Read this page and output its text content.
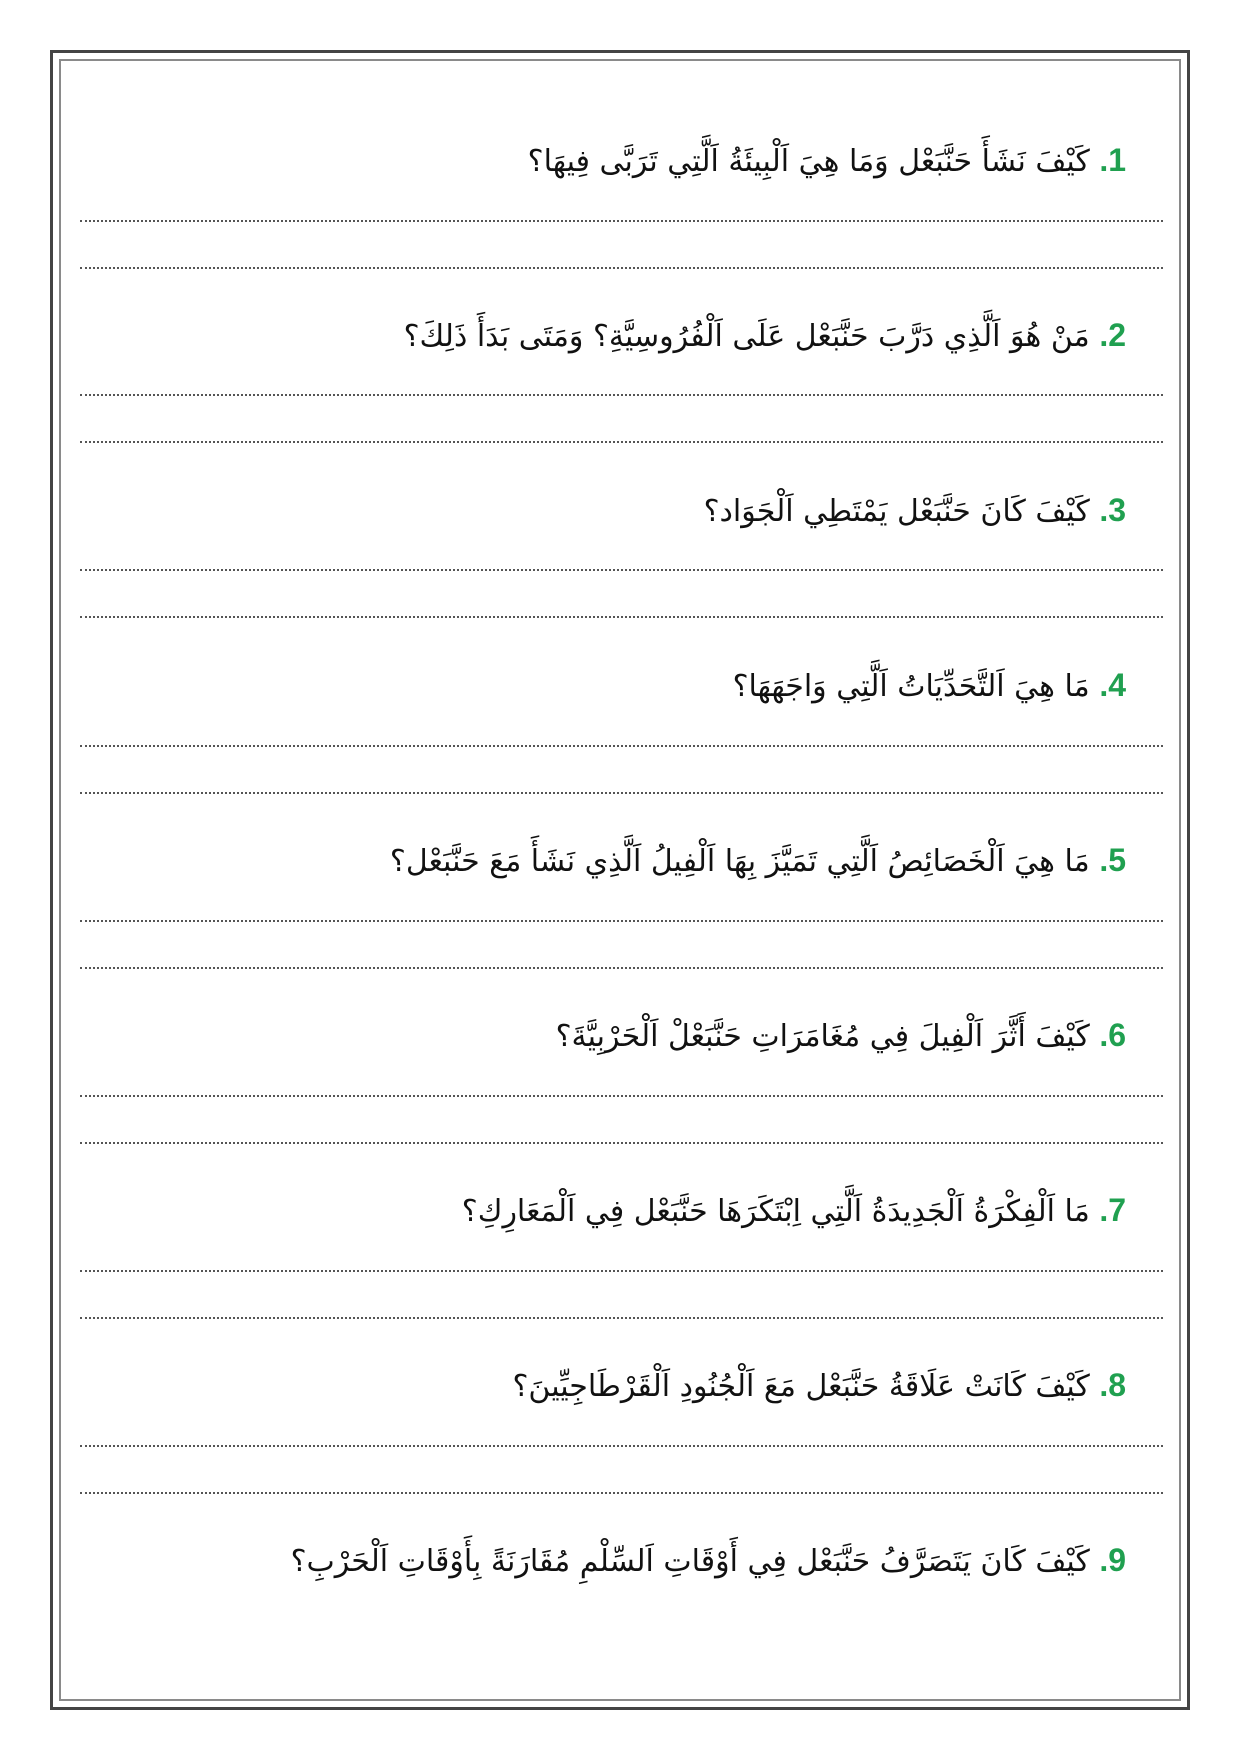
1. كَيْفَ نَشَأَ حَنَّبَعْل وَمَا هِيَ اَلْبِيئَةُ اَلَّتِي تَرَبَّى فِيهَا؟
2. مَنْ هُوَ اَلَّذِي دَرَّبَ حَنَّبَعْل عَلَى اَلْفُرُوسِيَّةِ؟ وَمَتَى بَدَأَ ذَلِكَ؟
3. كَيْفَ كَانَ حَنَّبَعْل يَمْتَطِي اَلْجَوَاد؟
4. مَا هِيَ اَلتَّحَدِّيَاتُ اَلَّتِي وَاجَهَهَا؟
5. مَا هِيَ اَلْخَصَائِصُ اَلَّتِي تَمَيَّزَ بِهَا اَلْفِيلُ اَلَّذِي نَشَأَ مَعَ حَنَّبَعْل؟
6. كَيْفَ أَثَّرَ اَلْفِيلَ فِي مُغَامَرَاتِ حَنَّبَعْلْ اَلْحَرْبِيَّةَ؟
7. مَا اَلْفِكْرَةُ اَلْجَدِيدَةُ اَلَّتِي اِبْتَكَرَهَا حَنَّبَعْل فِي اَلْمَعَارِكِ؟
8. كَيْفَ كَانَتْ عَلَاقَةُ حَنَّبَعْل مَعَ اَلْجُنُودِ اَلْقَرْطَاجِيِّينَ؟
9. كَيْفَ كَانَ يَتَصَرَّفُ حَنَّبَعْل فِي أَوْقَاتِ اَلسِّلْمِ مُقَارَنَةً بِأَوْقَاتِ اَلْحَرْبِ؟
